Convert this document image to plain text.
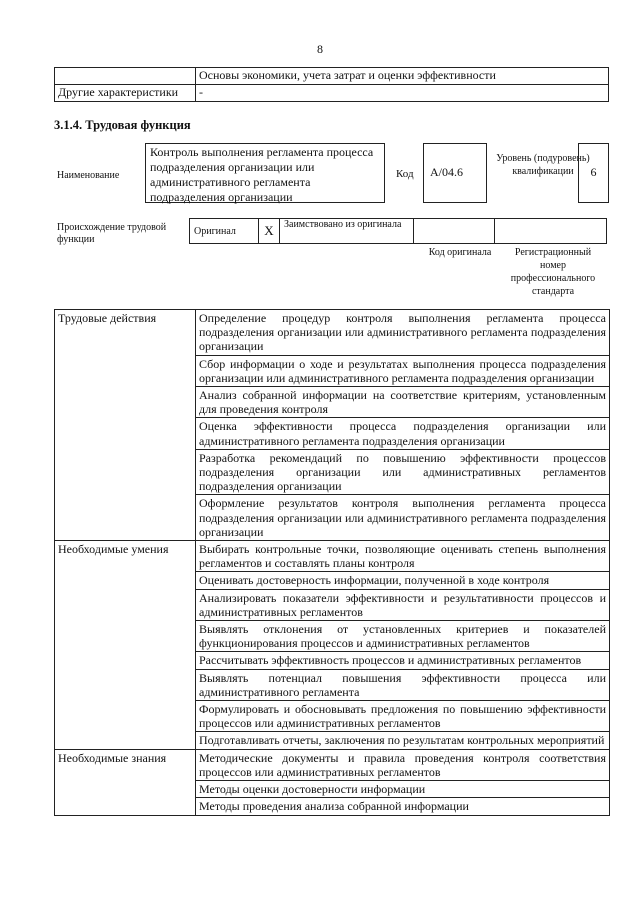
8
	Основы экономики, учета затрат и оценки эффективности
Другие характеристики	-
3.1.4. Трудовая функция
Наименование
Контроль выполнения регламента процесса подразделения организации или административного регламента подразделения организации
Код	A/04.6
Уровень (подуровень) квалификации	6
Происхождение трудовой функции
Оригинал	X	Заимствовано из оригинала		
Код оригинала	Регистрационный номер профессионального стандарта
Трудовые действия	Определение процедур контроля выполнения регламента процесса подразделения организации или административного регламента подразделения организации
	Сбор информации о ходе и результатах выполнения процесса подразделения организации или административного регламента подразделения организации
	Анализ собранной информации на соответствие критериям, установленным для проведения контроля
	Оценка эффективности процесса подразделения организации или административного регламента подразделения организации
	Разработка рекомендаций по повышению эффективности процессов подразделения организации или административных регламентов подразделения организации
	Оформление результатов контроля выполнения регламента процесса подразделения организации или административного регламента подразделения организации
Необходимые умения	Выбирать контрольные точки, позволяющие оценивать степень выполнения регламентов и составлять планы контроля
	Оценивать достоверность информации, полученной в ходе контроля
	Анализировать показатели эффективности и результативности процессов и административных регламентов
	Выявлять отклонения от установленных критериев и показателей функционирования процессов и административных регламентов
	Рассчитывать эффективность процессов и административных регламентов
	Выявлять потенциал повышения эффективности процесса или административного регламента
	Формулировать и обосновывать предложения по повышению эффективности процессов или административных регламентов
	Подготавливать отчеты, заключения по результатам контрольных мероприятий
Необходимые знания	Методические документы и правила проведения контроля соответствия процессов или административных регламентов
	Методы оценки достоверности информации
	Методы проведения анализа собранной информации
